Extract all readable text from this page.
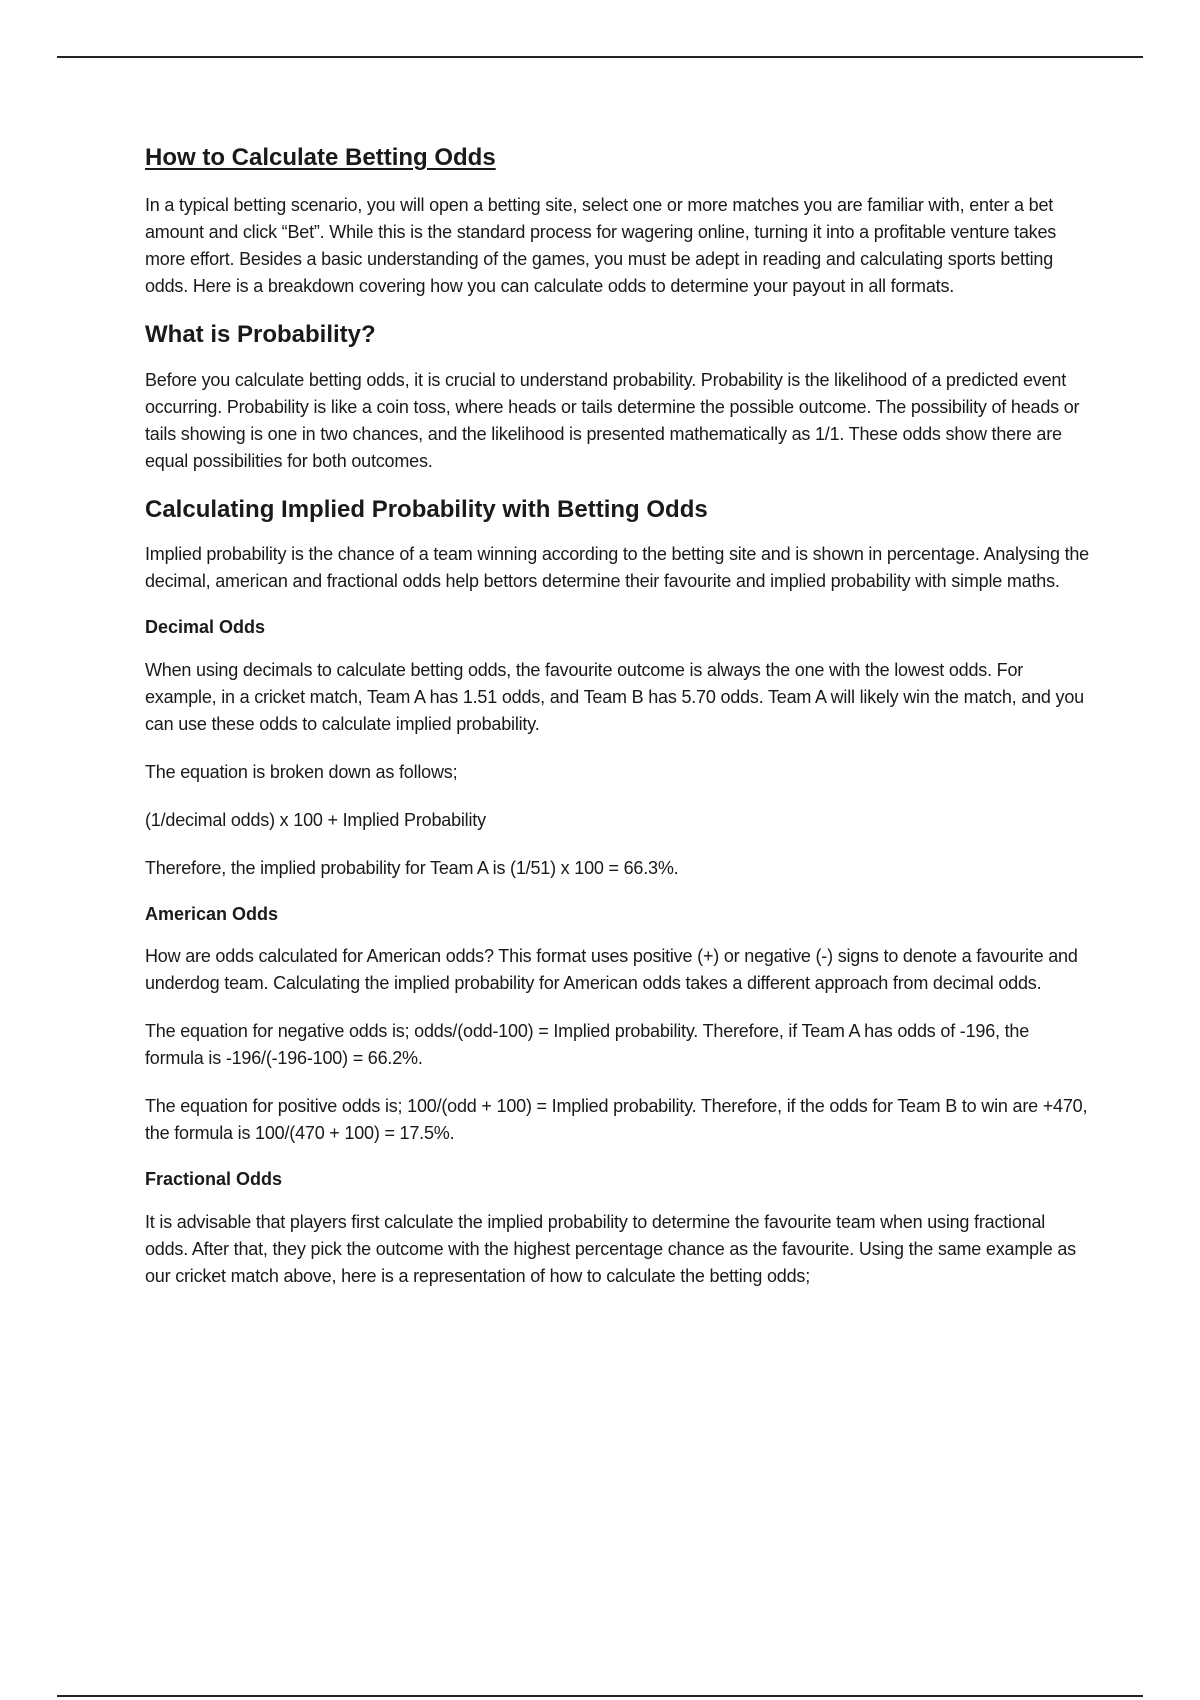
How to Calculate Betting Odds

In a typical betting scenario, you will open a betting site, select one or more matches you are familiar with, enter a bet amount and click “Bet”. While this is the standard process for wagering online, turning it into a profitable venture takes more effort. Besides a basic understanding of the games, you must be adept in reading and calculating sports betting odds. Here is a breakdown covering how you can calculate odds to determine your payout in all formats.

What is Probability?

Before you calculate betting odds, it is crucial to understand probability. Probability is the likelihood of a predicted event occurring. Probability is like a coin toss, where heads or tails determine the possible outcome. The possibility of heads or tails showing is one in two chances, and the likelihood is presented mathematically as 1/1. These odds show there are equal possibilities for both outcomes.

Calculating Implied Probability with Betting Odds

Implied probability is the chance of a team winning according to the betting site and is shown in percentage. Analysing the decimal, american and fractional odds help bettors determine their favourite and implied probability with simple maths.

Decimal Odds

When using decimals to calculate betting odds, the favourite outcome is always the one with the lowest odds. For example, in a cricket match, Team A has 1.51 odds, and Team B has 5.70 odds. Team A will likely win the match, and you can use these odds to calculate implied probability.

The equation is broken down as follows;

(1/decimal odds) x 100 + Implied Probability

Therefore, the implied probability for Team A is (1/51) x 100 = 66.3%.

American Odds

How are odds calculated for American odds? This format uses positive (+) or negative (-) signs to denote a favourite and underdog team. Calculating the implied probability for American odds takes a different approach from decimal odds.

The equation for negative odds is; odds/(odd-100) = Implied probability. Therefore, if Team A has odds of -196, the formula is -196/(-196-100) = 66.2%.

The equation for positive odds is; 100/(odd + 100) = Implied probability. Therefore, if the odds for Team B to win are +470, the formula is 100/(470 + 100) = 17.5%.

Fractional Odds

It is advisable that players first calculate the implied probability to determine the favourite team when using fractional odds. After that, they pick the outcome with the highest percentage chance as the favourite. Using the same example as our cricket match above, here is a representation of how to calculate the betting odds;
